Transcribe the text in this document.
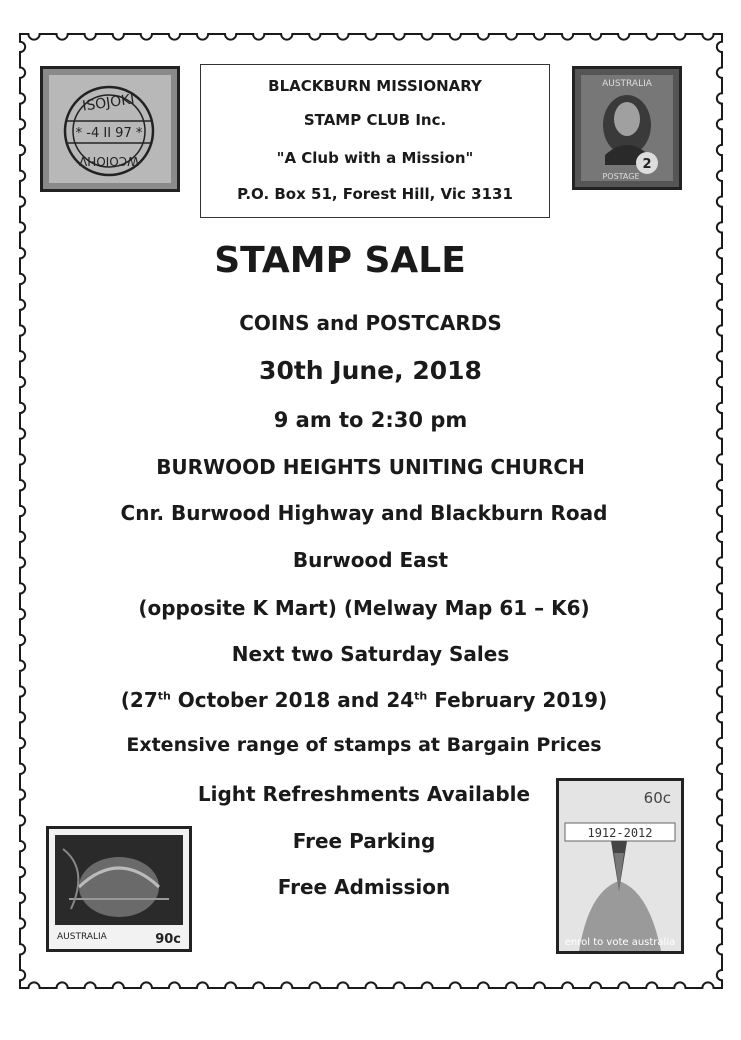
BLACKBURN MISSIONARY
STAMP CLUB Inc.
"A Club with a Mission"
P.O. Box 51, Forest Hill, Vic 3131
ISOJOKI
* -4 II 97 *
WCOIOHV
AUSTRALIA
2
POSTAGE
AUSTRALIA	90c
60c
1912-2012
enrol to vote australia
STAMP SALE
COINS and POSTCARDS
30th June, 2018
9 am to 2:30 pm
BURWOOD HEIGHTS UNITING CHURCH
Cnr. Burwood Highway and Blackburn Road
Burwood East
(opposite K Mart) (Melway Map 61 – K6)
Next two Saturday Sales
(27th October 2018 and 24th February 2019)
Extensive range of stamps at Bargain Prices
Light Refreshments Available
Free Parking
Free Admission
